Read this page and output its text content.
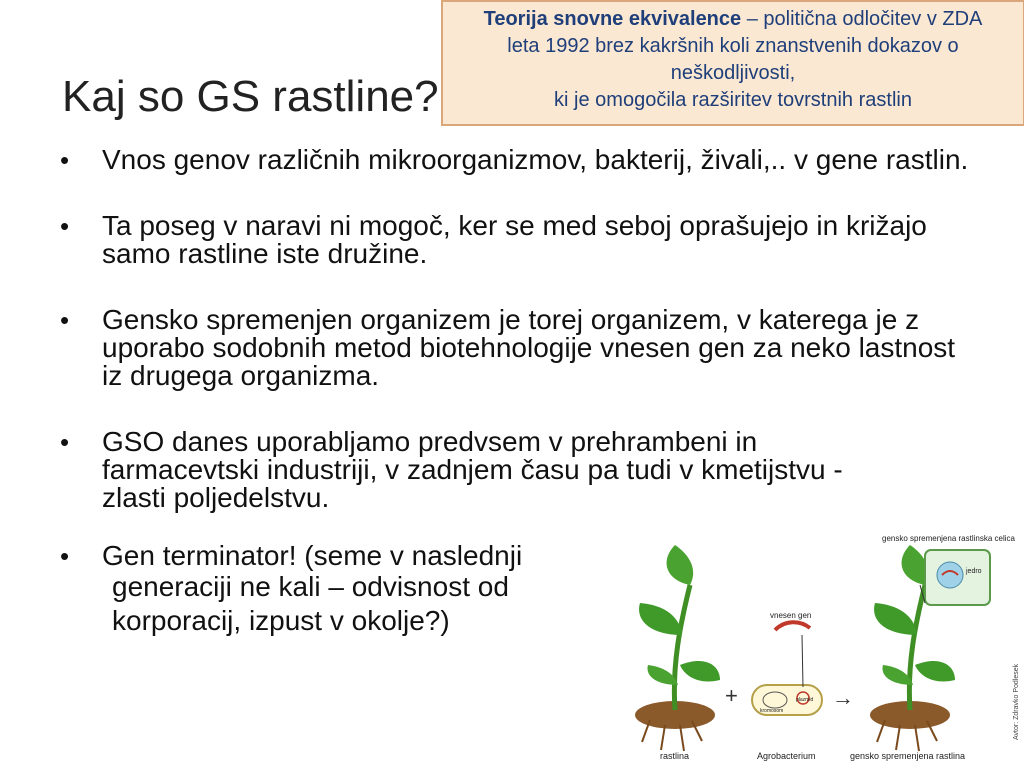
Kaj so GS rastline?
Teorija snovne ekvivalence – politična odločitev v ZDA
leta 1992 brez kakršnih koli znanstvenih dokazov o
neškodljivosti,
ki je omogočila razširitev tovrstnih rastlin
• Vnos genov različnih mikroorganizmov, bakterij, živali,.. v gene rastlin.
• Ta poseg v naravi ni mogoč, ker se med seboj oprašujejo in križajo samo rastline iste družine.
• Gensko spremenjen organizem je torej organizem, v katerega je z uporabo sodobnih metod biotehnologije vnesen gen za neko lastnost iz drugega organizma.
• GSO danes uporabljamo predvsem v prehrambeni in farmacevtski industriji, v zadnjem času pa tudi v kmetijstvu - zlasti poljedelstvu.
• Gen terminator! (seme v naslednji
generaciji ne kali – odvisnost od
korporacij, izpust v okolje?)
+	→
gensko spremenjena rastlinska celica
jedro
vnesen gen
plazmid
kromosom
rastlina	Agrobacterium	gensko spremenjena rastlina
Avtor: Zdravko Podlesek
